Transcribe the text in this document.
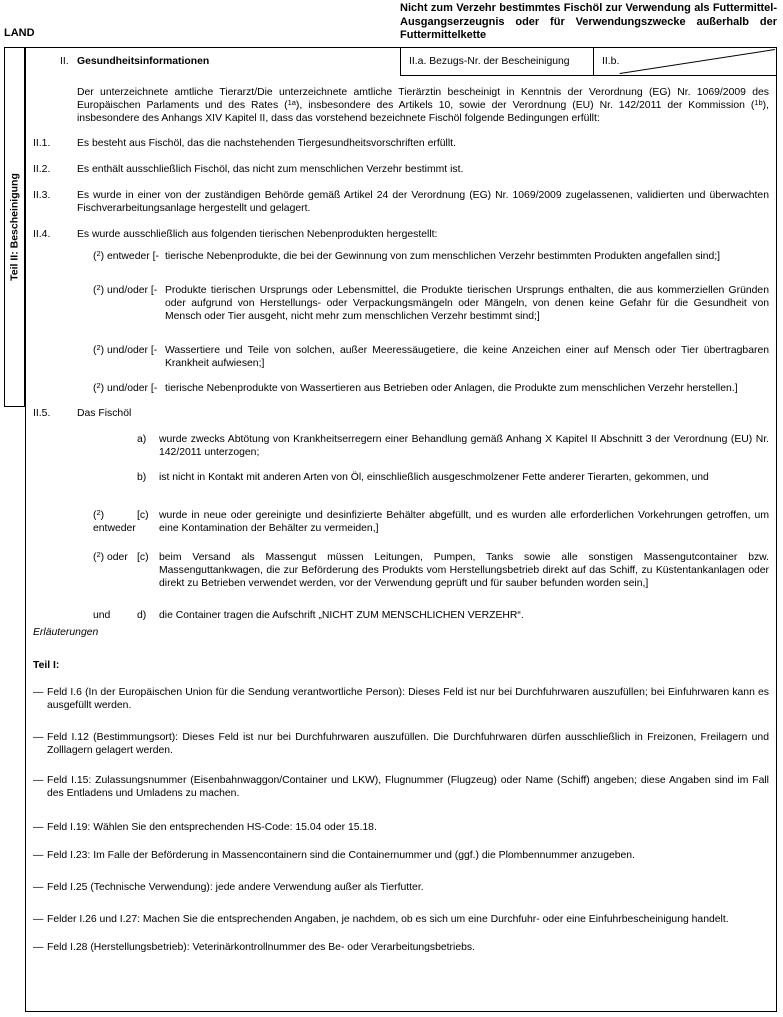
LAND
Nicht zum Verzehr bestimmtes Fischöl zur Verwendung als Futtermittel-Ausgangserzeugnis oder für Verwendungszwecke außerhalb der Futtermittelkette
Teil II: Bescheinigung
II. Gesundheitsinformationen	II.a. Bezugs-Nr. der Bescheinigung	II.b.
Der unterzeichnete amtliche Tierarzt/Die unterzeichnete amtliche Tierärztin bescheinigt in Kenntnis der Verordnung (EG) Nr. 1069/2009 des Europäischen Parlaments und des Rates ($^{1a}$), insbesondere des Artikels 10, sowie der Verordnung (EU) Nr. 142/2011 der Kommission ($^{1b}$), insbesondere des Anhangs XIV Kapitel II, dass das vorstehend bezeichnete Fischöl folgende Bedingungen erfüllt:
II.1.	Es besteht aus Fischöl, das die nachstehenden Tiergesundheitsvorschriften erfüllt.
II.2.	Es enthält ausschließlich Fischöl, das nicht zum menschlichen Verzehr bestimmt ist.
II.3.	Es wurde in einer von der zuständigen Behörde gemäß Artikel 24 der Verordnung (EG) Nr. 1069/2009 zugelassenen, validierten und überwachten Fischverarbeitungsanlage hergestellt und gelagert.
II.4.	Es wurde ausschließlich aus folgenden tierischen Nebenprodukten hergestellt:
($^2$) entweder [- tierische Nebenprodukte, die bei der Gewinnung von zum menschlichen Verzehr bestimmten Produkten angefallen sind;]
($^2$) und/oder [- Produkte tierischen Ursprungs oder Lebensmittel, die Produkte tierischen Ursprungs enthalten, die aus kommerziellen Gründen oder aufgrund von Herstellungs- oder Verpackungsmängeln oder Mängeln, von denen keine Gefahr für die Gesundheit von Mensch oder Tier ausgeht, nicht mehr zum menschlichen Verzehr bestimmt sind;]
($^2$) und/oder [- Wassertiere und Teile von solchen, außer Meeressäugetiere, die keine Anzeichen einer auf Mensch oder Tier übertragbaren Krankheit aufwiesen;]
($^2$) und/oder [- tierische Nebenprodukte von Wassertieren aus Betrieben oder Anlagen, die Produkte zum menschlichen Verzehr herstellen.]
II.5.	Das Fischöl
a)	wurde zwecks Abtötung von Krankheitserregern einer Behandlung gemäß Anhang X Kapitel II Abschnitt 3 der Verordnung (EU) Nr. 142/2011 unterzogen;
b)	ist nicht in Kontakt mit anderen Arten von Öl, einschließlich ausgeschmolzener Fette anderer Tierarten, gekommen, und
($^2$) entweder
[c)	wurde in neue oder gereinigte und desinfizierte Behälter abgefüllt, und es wurden alle erforderlichen Vorkehrungen getroffen, um eine Kontamination der Behälter zu vermeiden,]
($^2$) oder [c)	beim Versand als Massengut müssen Leitungen, Pumpen, Tanks sowie alle sonstigen Massengutcontainer bzw. Massenguttankwagen, die zur Beförderung des Produkts vom Herstellungsbetrieb direkt auf das Schiff, zu Küstentankanlagen oder direkt zu Betrieben verwendet werden, vor der Verwendung geprüft und für sauber befunden worden sein,]
und	d)	die Container tragen die Aufschrift „NICHT ZUM MENSCHLICHEN VERZEHR“.
Erläuterungen
Teil I:
— Feld I.6 (In der Europäischen Union für die Sendung verantwortliche Person): Dieses Feld ist nur bei Durchfuhrwaren auszufüllen; bei Einfuhrwaren kann es ausgefüllt werden.
— Feld I.12 (Bestimmungsort): Dieses Feld ist nur bei Durchfuhrwaren auszufüllen. Die Durchfuhrwaren dürfen ausschließlich in Freizonen, Freilagern und Zolllagern gelagert werden.
— Feld I.15: Zulassungsnummer (Eisenbahnwaggon/Container und LKW), Flugnummer (Flugzeug) oder Name (Schiff) angeben; diese Angaben sind im Fall des Entladens und Umladens zu machen.
— Feld I.19: Wählen Sie den entsprechenden HS-Code: 15.04 oder 15.18.
— Feld I.23: Im Falle der Beförderung in Massencontainern sind die Containernummer und (ggf.) die Plombennummer anzugeben.
— Feld I.25 (Technische Verwendung): jede andere Verwendung außer als Tierfutter.
— Felder I.26 und I.27: Machen Sie die entsprechenden Angaben, je nachdem, ob es sich um eine Durchfuhr- oder eine Einfuhrbescheinigung handelt.
— Feld I.28 (Herstellungsbetrieb): Veterinärkontrollnummer des Be- oder Verarbeitungsbetriebs.
